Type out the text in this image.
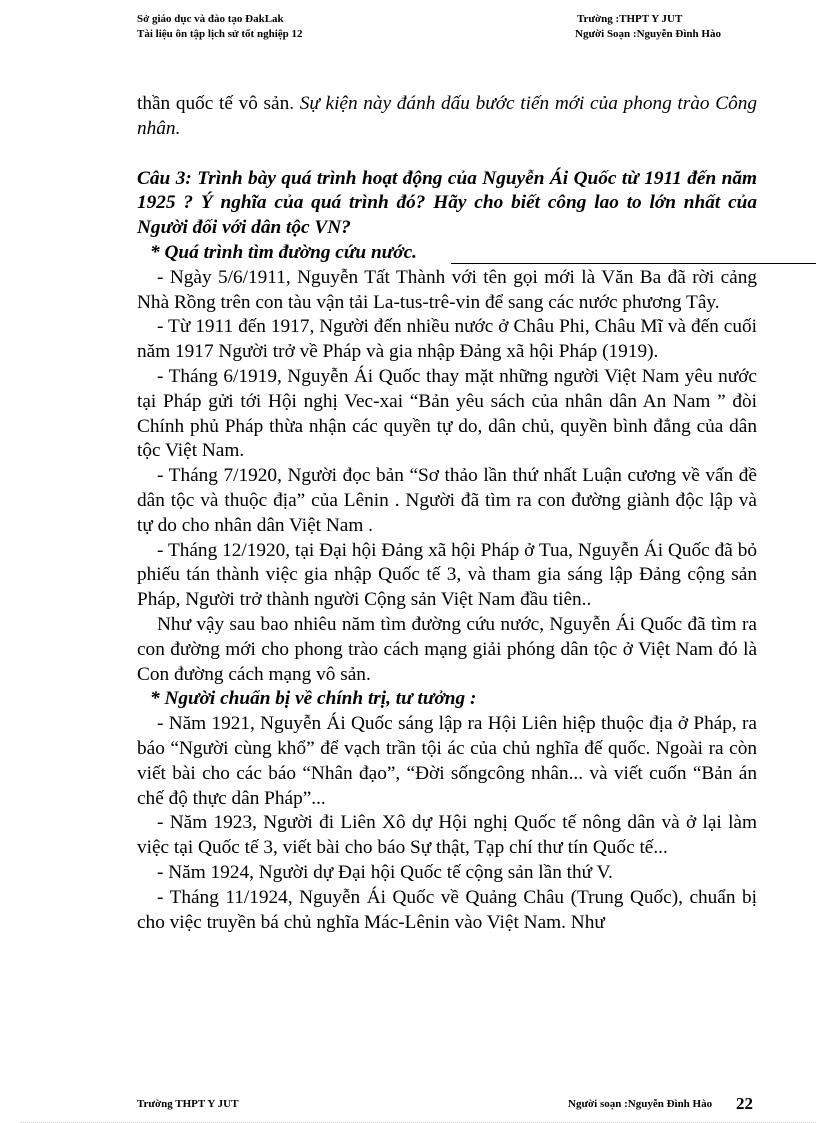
Sở giáo dục và đào tạo ĐakLak
Tài liệu ôn tập lịch sử tốt nghiệp 12
Trường :THPT Y JUT
Người Soạn :Nguyễn Đình Hào

thần quốc tế vô sản. Sự kiện này đánh dấu bước tiến mới của phong trào Công nhân.

Câu 3: Trình bày quá trình hoạt động của Nguyễn Ái Quốc từ 1911 đến năm 1925 ? Ý nghĩa của quá trình đó? Hãy cho biết công lao to lớn nhất của Người đối với dân tộc VN?

* Quá trình tìm đường cứu nước.

- Ngày 5/6/1911, Nguyễn Tất Thành với tên gọi mới là Văn Ba đã rời cảng Nhà Rồng trên con tàu vận tải La-tus-trê-vin để sang các nước phương Tây.

- Từ 1911 đến 1917, Người đến nhiều nước ở Châu Phi, Châu Mĩ và đến cuối năm 1917 Người trở về Pháp và gia nhập Đảng xã hội Pháp (1919).

- Tháng 6/1919, Nguyễn Ái Quốc thay mặt những người Việt Nam yêu nước tại Pháp gửi tới Hội nghị Vec-xai “Bản yêu sách của nhân dân An Nam ” đòi Chính phủ Pháp thừa nhận các quyền tự do, dân chủ, quyền bình đẳng của dân tộc Việt Nam.

- Tháng 7/1920, Người đọc bản “Sơ thảo lần thứ nhất Luận cương về vấn đề dân tộc và thuộc địa” của Lênin . Người đã tìm ra con đường giành độc lập và tự do cho nhân dân Việt Nam .

- Tháng 12/1920, tại Đại hội Đảng xã hội Pháp ở Tua, Nguyễn Ái Quốc đã bỏ phiếu tán thành việc gia nhập Quốc tế 3, và tham gia sáng lập Đảng cộng sản Pháp, Người trở thành người Cộng sản Việt Nam đầu tiên..

Như vậy sau bao nhiêu năm tìm đường cứu nước, Nguyễn Ái Quốc đã tìm ra con đường mới cho phong trào cách mạng giải phóng dân tộc ở Việt Nam đó là Con đường cách mạng vô sản.

* Người chuẩn bị về chính trị, tư tưởng :

- Năm 1921, Nguyễn Ái Quốc sáng lập ra Hội Liên hiệp thuộc địa ở Pháp, ra báo “Người cùng khổ” để vạch trần tội ác của chủ nghĩa đế quốc. Ngoài ra còn viết bài cho các báo “Nhân đạo”, “Đời sốngcông nhân... và viết cuốn “Bản án chế độ thực dân Pháp”...

- Năm 1923, Người đi Liên Xô dự Hội nghị Quốc tế nông dân và ở lại làm việc tại Quốc tế 3, viết bài cho báo Sự thật, Tạp chí thư tín Quốc tế...

- Năm 1924, Người dự Đại hội Quốc tế cộng sản lần thứ V.

- Tháng 11/1924, Nguyễn Ái Quốc về Quảng Châu (Trung Quốc), chuẩn bị cho việc truyền bá chủ nghĩa Mác-Lênin vào Việt Nam. Như

Trường THPT Y JUT	Người soạn :Nguyễn Đình Hào 22
